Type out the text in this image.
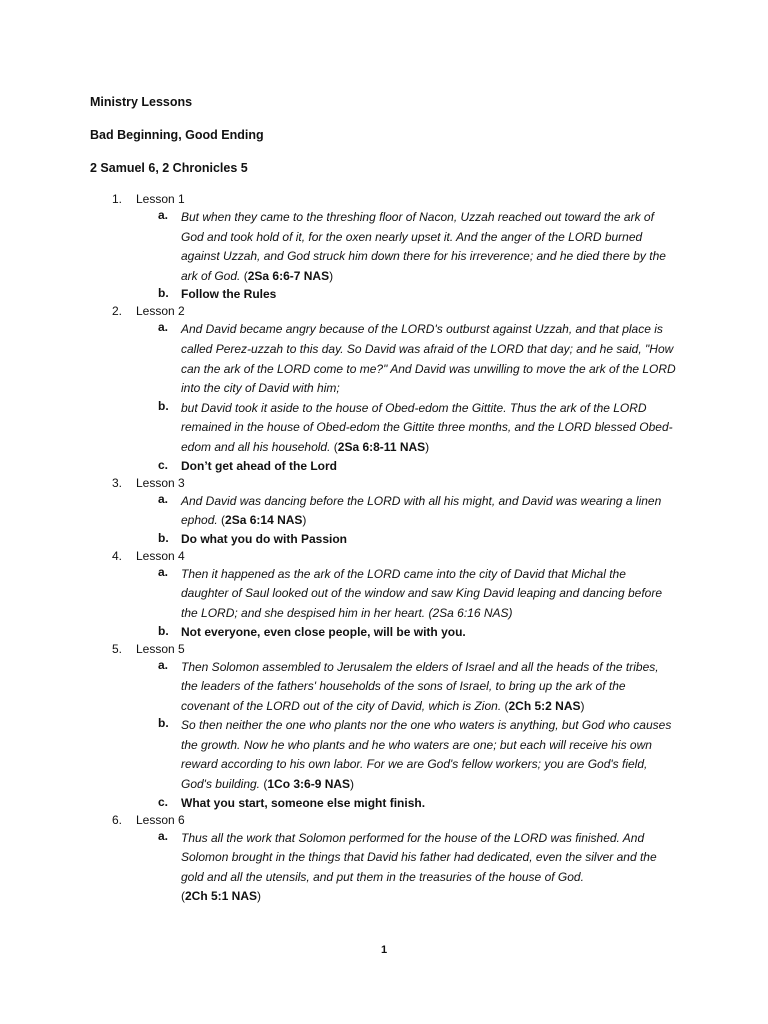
Ministry Lessons
Bad Beginning, Good Ending
2 Samuel 6, 2 Chronicles 5
1.	Lesson 1
a.	But when they came to the threshing floor of Nacon, Uzzah reached out toward the ark of God and took hold of it, for the oxen nearly upset it. And the anger of the LORD burned against Uzzah, and God struck him down there for his irreverence; and he died there by the ark of God. (2Sa 6:6-7 NAS)
b.	Follow the Rules
2.	Lesson 2
a.	And David became angry because of the LORD's outburst against Uzzah, and that place is called Perez-uzzah to this day. So David was afraid of the LORD that day; and he said, "How can the ark of the LORD come to me?" And David was unwilling to move the ark of the LORD into the city of David with him;
b.	but David took it aside to the house of Obed-edom the Gittite. Thus the ark of the LORD remained in the house of Obed-edom the Gittite three months, and the LORD blessed Obed-edom and all his household. (2Sa 6:8-11 NAS)
c.	Don’t get ahead of the Lord
3.	Lesson 3
a.	And David was dancing before the LORD with all his might, and David was wearing a linen ephod. (2Sa 6:14 NAS)
b.	Do what you do with Passion
4.	Lesson 4
a.	Then it happened as the ark of the LORD came into the city of David that Michal the daughter of Saul looked out of the window and saw King David leaping and dancing before the LORD; and she despised him in her heart. (2Sa 6:16 NAS)
b.	Not everyone, even close people, will be with you.
5.	Lesson 5
a.	Then Solomon assembled to Jerusalem the elders of Israel and all the heads of the tribes, the leaders of the fathers' households of the sons of Israel, to bring up the ark of the covenant of the LORD out of the city of David, which is Zion. (2Ch 5:2 NAS)
b.	So then neither the one who plants nor the one who waters is anything, but God who causes the growth. Now he who plants and he who waters are one; but each will receive his own reward according to his own labor. For we are God's fellow workers; you are God's field, God's building. (1Co 3:6-9 NAS)
c.	What you start, someone else might finish.
6.	Lesson 6
a.	Thus all the work that Solomon performed for the house of the LORD was finished. And Solomon brought in the things that David his father had dedicated, even the silver and the gold and all the utensils, and put them in the treasuries of the house of God.
(2Ch 5:1 NAS)
1
